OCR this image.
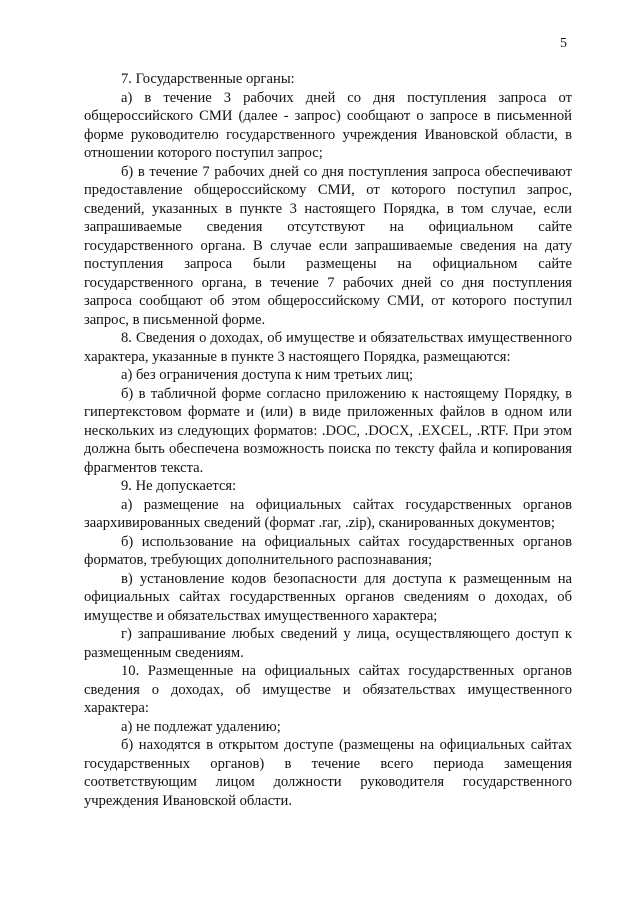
5

7. Государственные органы:

а) в течение 3 рабочих дней со дня поступления запроса от общероссийского СМИ (далее - запрос) сообщают о запросе в письменной форме руководителю государственного учреждения Ивановской области, в отношении которого поступил запрос;

б) в течение 7 рабочих дней со дня поступления запроса обеспечивают предоставление общероссийскому СМИ, от которого поступил запрос, сведений, указанных в пункте 3 настоящего Порядка, в том случае, если запрашиваемые сведения отсутствуют на официальном сайте государственного органа. В случае если запрашиваемые сведения на дату поступления запроса были размещены на официальном сайте государственного органа, в течение 7 рабочих дней со дня поступления запроса сообщают об этом общероссийскому СМИ, от которого поступил запрос, в письменной форме.

8. Сведения о доходах, об имуществе и обязательствах имущественного характера, указанные в пункте 3 настоящего Порядка, размещаются:

а) без ограничения доступа к ним третьих лиц;

б) в табличной форме согласно приложению к настоящему Порядку, в гипертекстовом формате и (или) в виде приложенных файлов в одном или нескольких из следующих форматов: .DOC, .DOCX, .EXCEL, .RTF. При этом должна быть обеспечена возможность поиска по тексту файла и копирования фрагментов текста.

9. Не допускается:

а) размещение на официальных сайтах государственных органов заархивированных сведений (формат .rar, .zip), сканированных документов;

б) использование на официальных сайтах государственных органов форматов, требующих дополнительного распознавания;

в) установление кодов безопасности для доступа к размещенным на официальных сайтах государственных органов сведениям о доходах, об имуществе и обязательствах имущественного характера;

г) запрашивание любых сведений у лица, осуществляющего доступ к размещенным сведениям.

10. Размещенные на официальных сайтах государственных органов сведения о доходах, об имуществе и обязательствах имущественного характера:

а) не подлежат удалению;

б) находятся в открытом доступе (размещены на официальных сайтах государственных органов) в течение всего периода замещения соответствующим лицом должности руководителя государственного учреждения Ивановской области.
